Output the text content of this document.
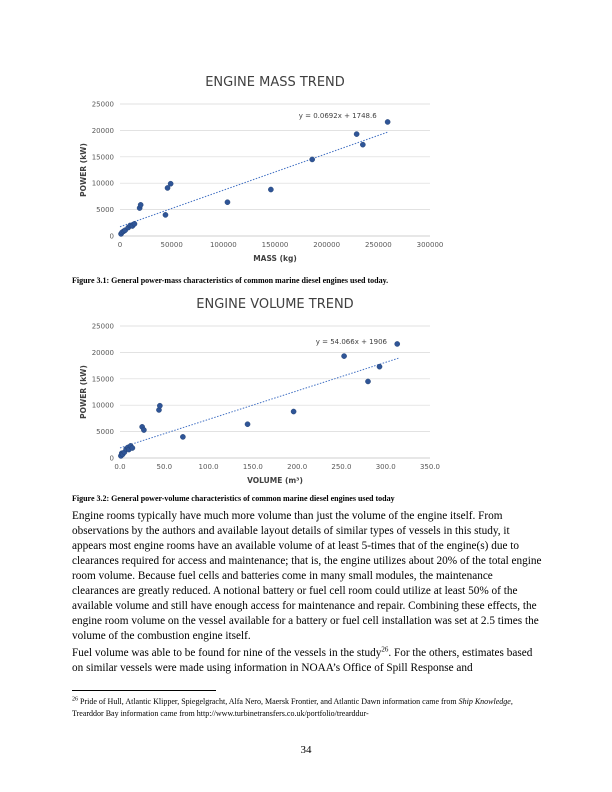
ENGINE MASS TREND
0
5000
10000
15000
20000
25000
0	50000	100000	150000	200000	250000	300000
MASS (kg)
POWER (kW)
y = 0.0692x + 1748.6
Figure 3.1: General power-mass characteristics of common marine diesel engines used today.
ENGINE VOLUME TREND
0
5000
10000
15000
20000
25000
0.0	50.0	100.0	150.0	200.0	250.0	300.0	350.0
VOLUME (m³)
POWER (kW)
y = 54.066x + 1906
Figure 3.2: General power-volume characteristics of common marine diesel engines used today

Engine rooms typically have much more volume than just the volume of the engine itself. From observations by the authors and available layout details of similar types of vessels in this study, it appears most engine rooms have an available volume of at least 5-times that of the engine(s) due to clearances required for access and maintenance; that is, the engine utilizes about 20% of the total engine room volume. Because fuel cells and batteries come in many small modules, the maintenance clearances are greatly reduced. A notional battery or fuel cell room could utilize at least 50% of the available volume and still have enough access for maintenance and repair. Combining these effects, the engine room volume on the vessel available for a battery or fuel cell installation was set at 2.5 times the volume of the combustion engine itself.

Fuel volume was able to be found for nine of the vessels in the study$^{26}$. For the others, estimates based on similar vessels were made using information in NOAA’s Office of Spill Response and

$^{26}$ Pride of Hull, Atlantic Klipper, Spiegelgracht, Alfa Nero, Maersk Frontier, and Atlantic Dawn information came from Ship Knowledge, Trearddor Bay information came from http://www.turbinetransfers.co.uk/portfolio/trearddur-

34
